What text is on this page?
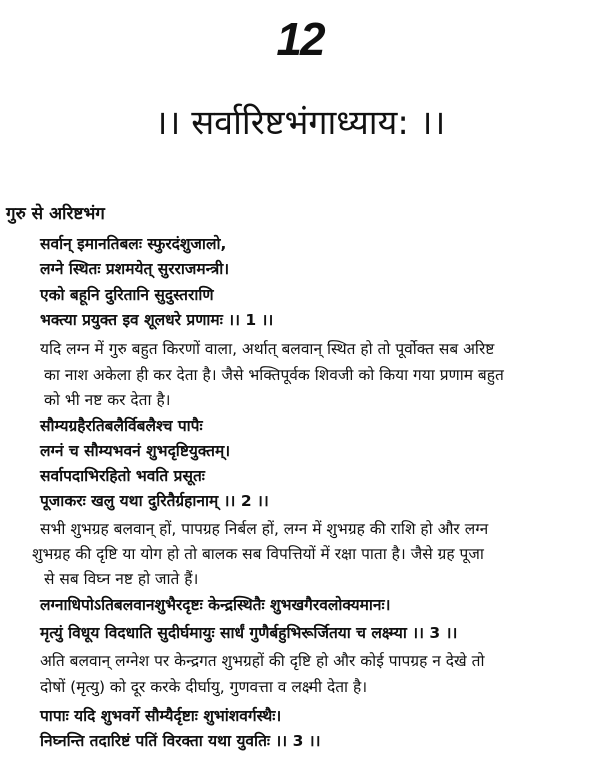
12
।। सर्वारिष्टभंगाध्याय: ।।
गुरु से अरिष्टभंग
सर्वान् इमानतिबलः स्फुरदंशुजालो,
लग्ने स्थितः प्रशमयेत् सुरराजमन्त्री।
एको बहूनि दुरितानि सुदुस्तराणि
भक्त्या प्रयुक्त इव शूलधरे प्रणामः ।। 1 ।।
यदि लग्न में गुरु बहुत किरणों वाला, अर्थात् बलवान् स्थित हो तो पूर्वोक्त सब अरिष्ट
का नाश अकेला ही कर देता है। जैसे भक्तिपूर्वक शिवजी को किया गया प्रणाम बहुत
को भी नष्ट कर देता है।
सौम्यग्रहैरतिबलैर्विबलैश्च पापैः
लग्नं च सौम्यभवनं शुभदृष्टियुक्तम्।
सर्वापदाभिरहितो भवति प्रसूतः
पूजाकरः खलु यथा दुरितैर्ग्रहानाम् ।। 2 ।।
सभी शुभग्रह बलवान् हों, पापग्रह निर्बल हों, लग्न में शुभग्रह की राशि हो और लग्न
शुभग्रह की दृष्टि या योग हो तो बालक सब विपत्तियों में रक्षा पाता है। जैसे ग्रह पूजा
से सब विघ्न नष्ट हो जाते हैं।
लग्नाधिपोऽतिबलवानशुभैरदृष्टः केन्द्रस्थितैः शुभखगैरवलोक्यमानः।
मृत्युं विधूय विदधाति सुदीर्घमायुः सार्धं गुणैर्बहुभिरूर्जितया च लक्ष्म्या ।। 3 ।।
अति बलवान् लग्नेश पर केन्द्रगत शुभग्रहों की दृष्टि हो और कोई पापग्रह न देखे तो
दोषों (मृत्यु) को दूर करके दीर्घायु, गुणवत्ता व लक्ष्मी देता है।
पापाः यदि शुभवर्गे सौम्यैर्दृष्टाः शुभांशवर्गस्थैः।
निघ्नन्ति तदारिष्टं पतिं विरक्ता यथा युवतिः ।। 3 ।।
